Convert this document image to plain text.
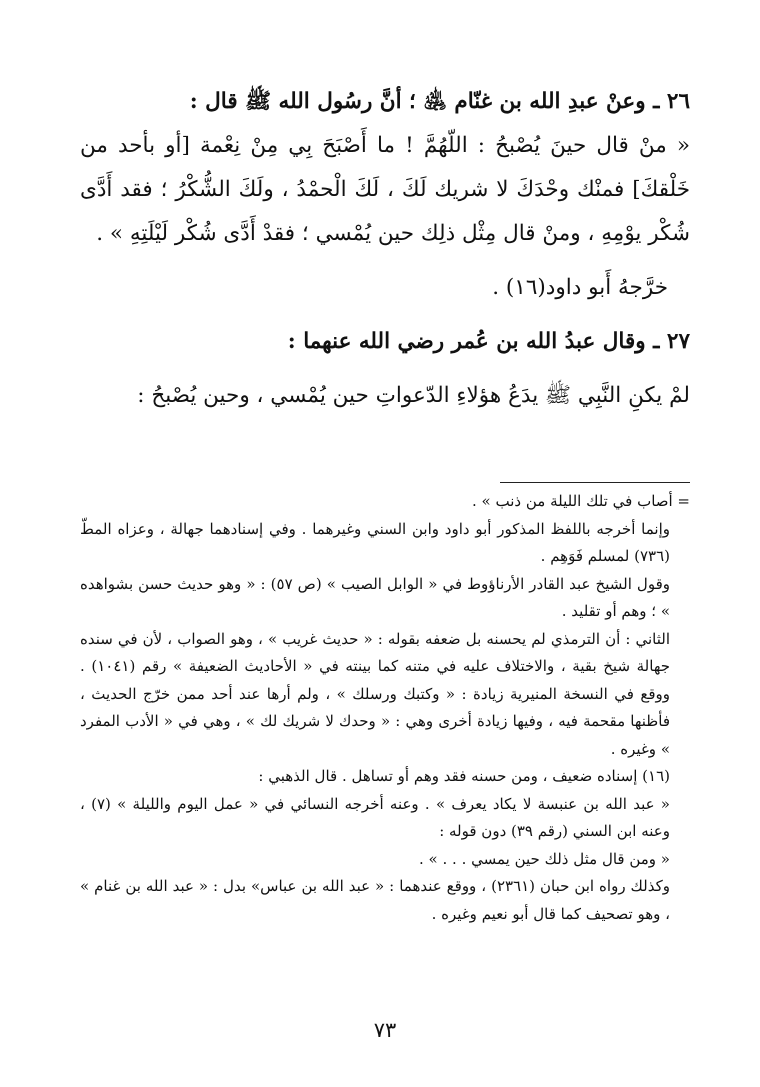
٢٦ ـ وعنْ عبدِ الله بن غنّام ﵁ ؛ أنَّ رسُول الله ﷺ قال :

« منْ قال حينَ يُصْبحُ : اللّهُمَّ ! ما أَصْبَحَ بِي مِنْ نِعْمة [أو بأحد من خَلْقكَ] فمنْك وحْدَكَ لا شريك لَكَ ، لَكَ الْحمْدُ ، ولَكَ الشُّكْرُ ؛ فقد أَدَّى شُكْر يوْمِهِ ، ومنْ قال مِثْل ذلِك حين يُمْسي ؛ فقدْ أَدَّى شُكْر لَيْلَتِهِ » .

خرَّجهُ أَبو داود(١٦) .

٢٧ ـ وقال عبدُ الله بن عُمر رضي الله عنهما :

لمْ يكنِ النَّبِي ﷺ يدَعُ هؤلاءِ الدّعواتِ حين يُمْسي ، وحين يُصْبحُ :

= أصاب في تلك الليلة من ذنب » .

وإنما أخرجه باللفظ المذكور أبو داود وابن السني وغيرهما . وفي إسنادهما جهالة ، وعزاه المطّ (٧٣٦) لمسلم فَوَهِم .

وقول الشيخ عبد القادر الأرناؤوط في « الوابل الصيب » (ص ٥٧) : « وهو حديث حسن بشواهده » ؛ وهم أو تقليد .

الثاني : أن الترمذي لم يحسنه بل ضعفه بقوله : « حديث غريب » ، وهو الصواب ، لأن في سنده جهالة شيخ بقية ، والاختلاف عليه في متنه كما بينته في « الأحاديث الضعيفة » رقم (١٠٤١) . ووقع في النسخة المنيرية زيادة : « وكتبك ورسلك » ، ولم أرها عند أحد ممن خرّج الحديث ، فأظنها مقحمة فيه ، وفيها زيادة أخرى وهي : « وحدك لا شريك لك » ، وهي في « الأدب المفرد » وغيره .

(١٦) إسناده ضعيف ، ومن حسنه فقد وهم أو تساهل . قال الذهبي :

« عبد الله بن عنبسة لا يكاد يعرف » . وعنه أخرجه النسائي في « عمل اليوم والليلة » (٧) ، وعنه ابن السني (رقم ٣٩) دون قوله :

« ومن قال مثل ذلك حين يمسي . . . » .

وكذلك رواه ابن حبان (٢٣٦١) ، ووقع عندهما : « عبد الله بن عباس» بدل : « عبد الله بن غنام » ، وهو تصحيف كما قال أبو نعيم وغيره .

٧٣
